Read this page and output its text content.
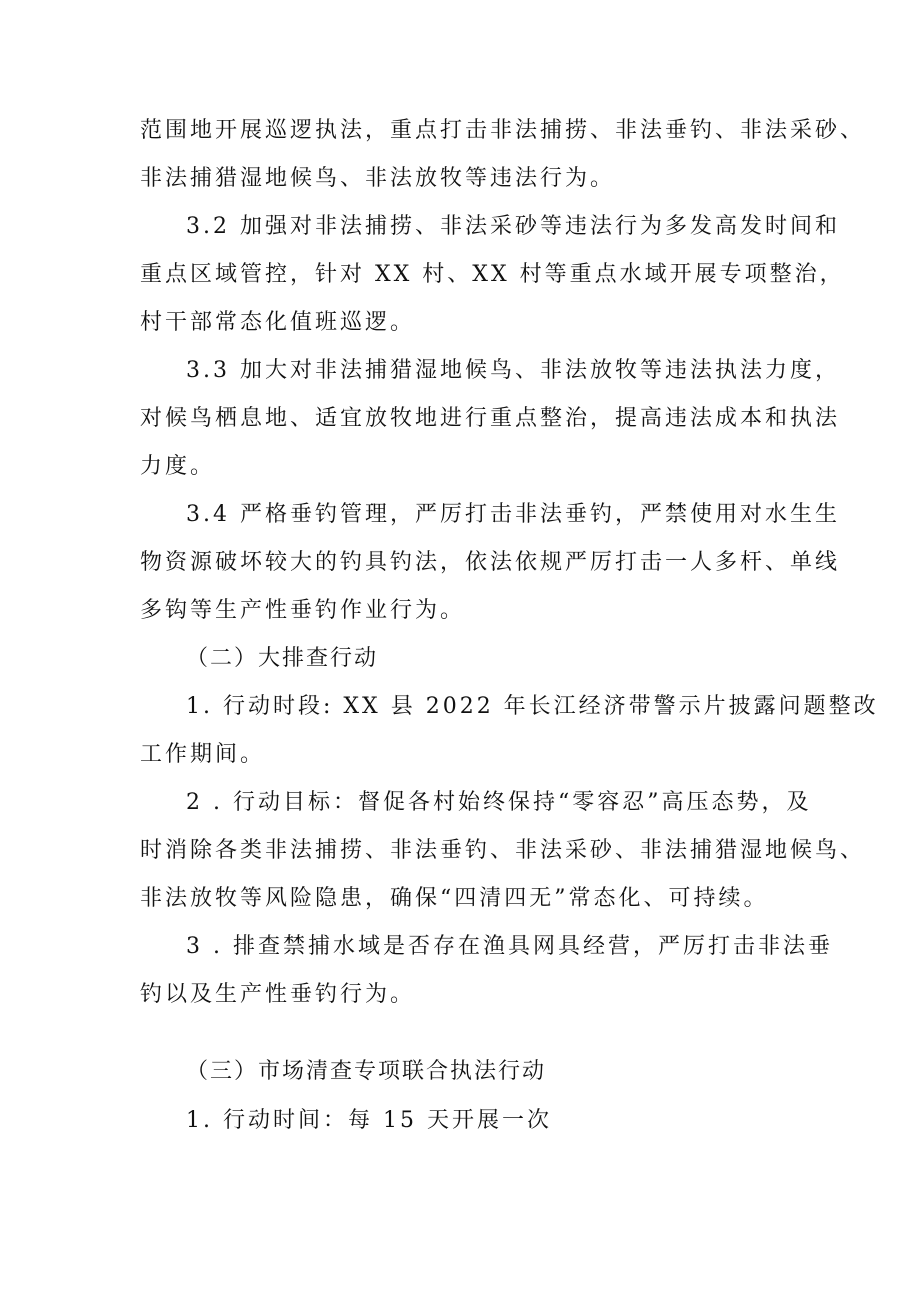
范围地开展巡逻执法，重点打击非法捕捞、非法垂钓、非法采砂、

非法捕猎湿地候鸟、非法放牧等违法行为。

3.2 加强对非法捕捞、非法采砂等违法行为多发高发时间和

重点区域管控，针对 XX 村、XX 村等重点水域开展专项整治，

村干部常态化值班巡逻。

3.3 加大对非法捕猎湿地候鸟、非法放牧等违法执法力度，

对候鸟栖息地、适宜放牧地进行重点整治，提高违法成本和执法

力度。

3.4 严格垂钓管理，严厉打击非法垂钓，严禁使用对水生生

物资源破坏较大的钓具钓法，依法依规严厉打击一人多杆、单线

多钩等生产性垂钓作业行为。

（二）大排查行动

1. 行动时段: XX 县 2022 年长江经济带警示片披露问题整改

工作期间。

2 . 行动目标：督促各村始终保持“零容忍”高压态势，及

时消除各类非法捕捞、非法垂钓、非法采砂、非法捕猎湿地候鸟、

非法放牧等风险隐患，确保“四清四无”常态化、可持续。

3 . 排查禁捕水域是否存在渔具网具经营，严厉打击非法垂

钓以及生产性垂钓行为。

（三）市场清查专项联合执法行动

1. 行动时间：每 15 天开展一次
